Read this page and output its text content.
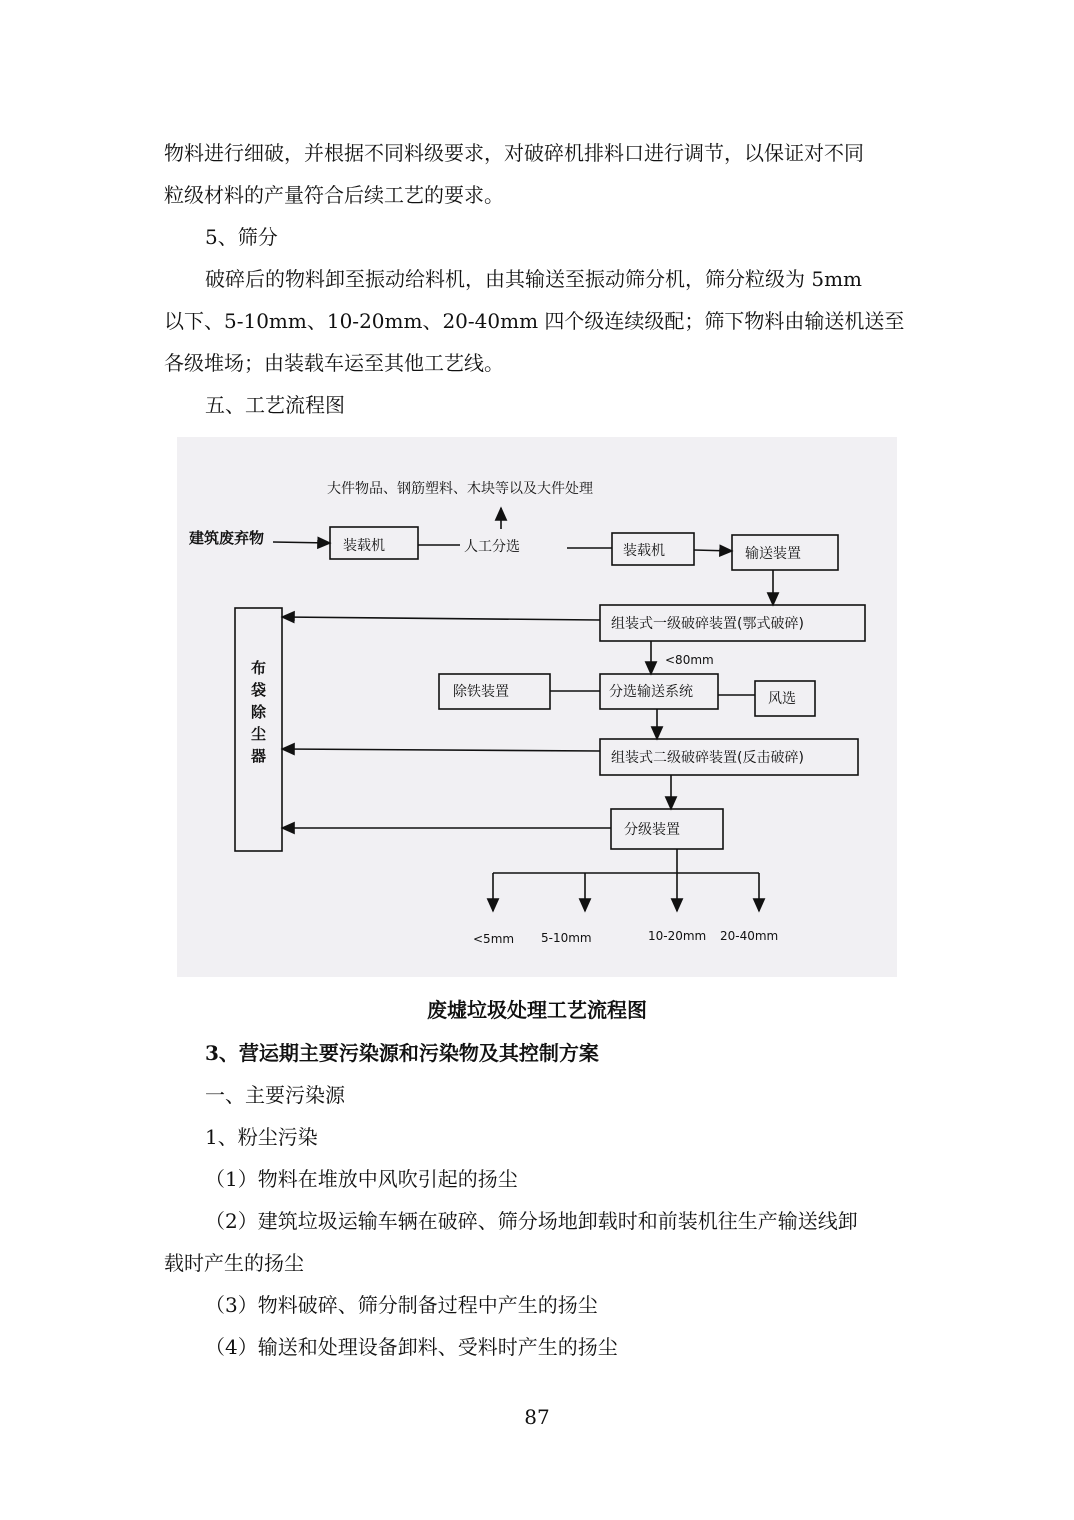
物料进行细破，并根据不同料级要求，对破碎机排料口进行调节，以保证对不同
粒级材料的产量符合后续工艺的要求。
5、筛分
破碎后的物料卸至振动给料机，由其输送至振动筛分机，筛分粒级为 5mm
以下、5-10mm、10-20mm、20-40mm 四个级连续级配；筛下物料由输送机送至
各级堆场；由装载车运至其他工艺线。
五、工艺流程图
大件物品、钢筋塑料、木块等以及大件处理
建筑废弃物	装载机	人工分选	装载机	输送装置
组装式一级破碎装置(鄂式破碎)
<80mm
除铁装置	分选输送系统	风选
组装式二级破碎装置(反击破碎)
分级装置
布
袋
除
尘
器
<5mm 5-10mm	10-20mm 20-40mm
废墟垃圾处理工艺流程图
3、营运期主要污染源和污染物及其控制方案
一、主要污染源
1、粉尘污染
（1）物料在堆放中风吹引起的扬尘
（2）建筑垃圾运输车辆在破碎、筛分场地卸载时和前装机往生产输送线卸
载时产生的扬尘
（3）物料破碎、筛分制备过程中产生的扬尘
（4）输送和处理设备卸料、受料时产生的扬尘
87
